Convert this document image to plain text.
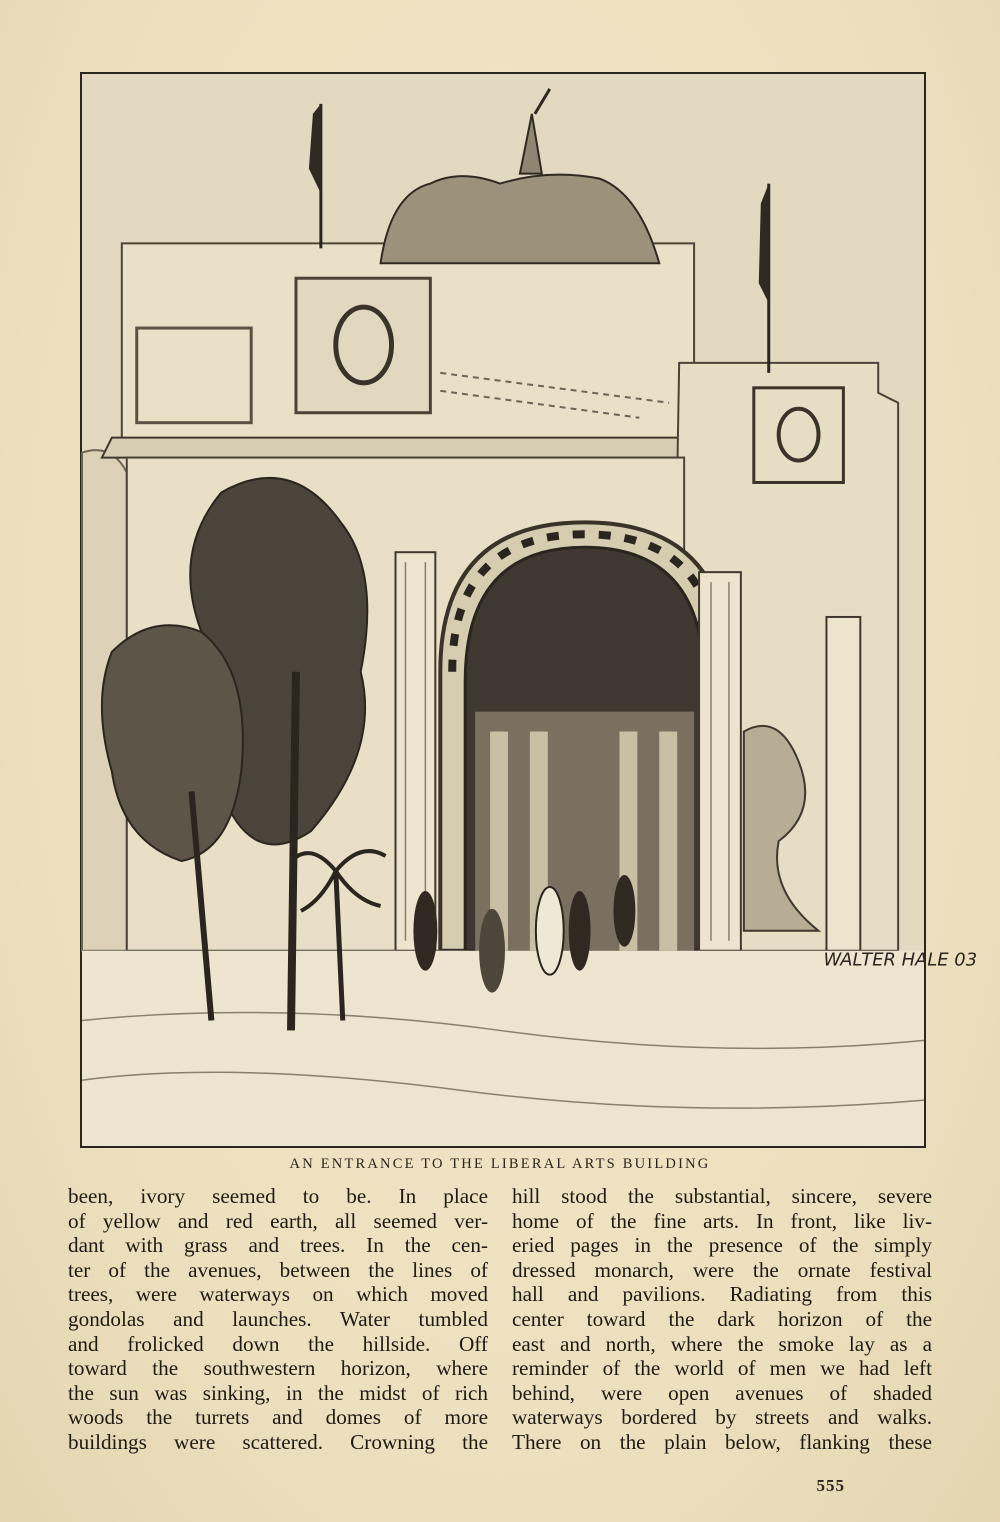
WALTER HALE 03
AN ENTRANCE TO THE LIBERAL ARTS BUILDING
been, ivory seemed to be. In place
of yellow and red earth, all seemed ver-
dant with grass and trees. In the cen-
ter of the avenues, between the lines of
trees, were waterways on which moved
gondolas and launches. Water tumbled
and frolicked down the hillside. Off
toward the southwestern horizon, where
the sun was sinking, in the midst of rich
woods the turrets and domes of more
buildings were scattered. Crowning the
hill stood the substantial, sincere, severe
home of the fine arts. In front, like liv-
eried pages in the presence of the simply
dressed monarch, were the ornate festival
hall and pavilions. Radiating from this
center toward the dark horizon of the
east and north, where the smoke lay as a
reminder of the world of men we had left
behind, were open avenues of shaded
waterways bordered by streets and walks.
There on the plain below, flanking these
555
